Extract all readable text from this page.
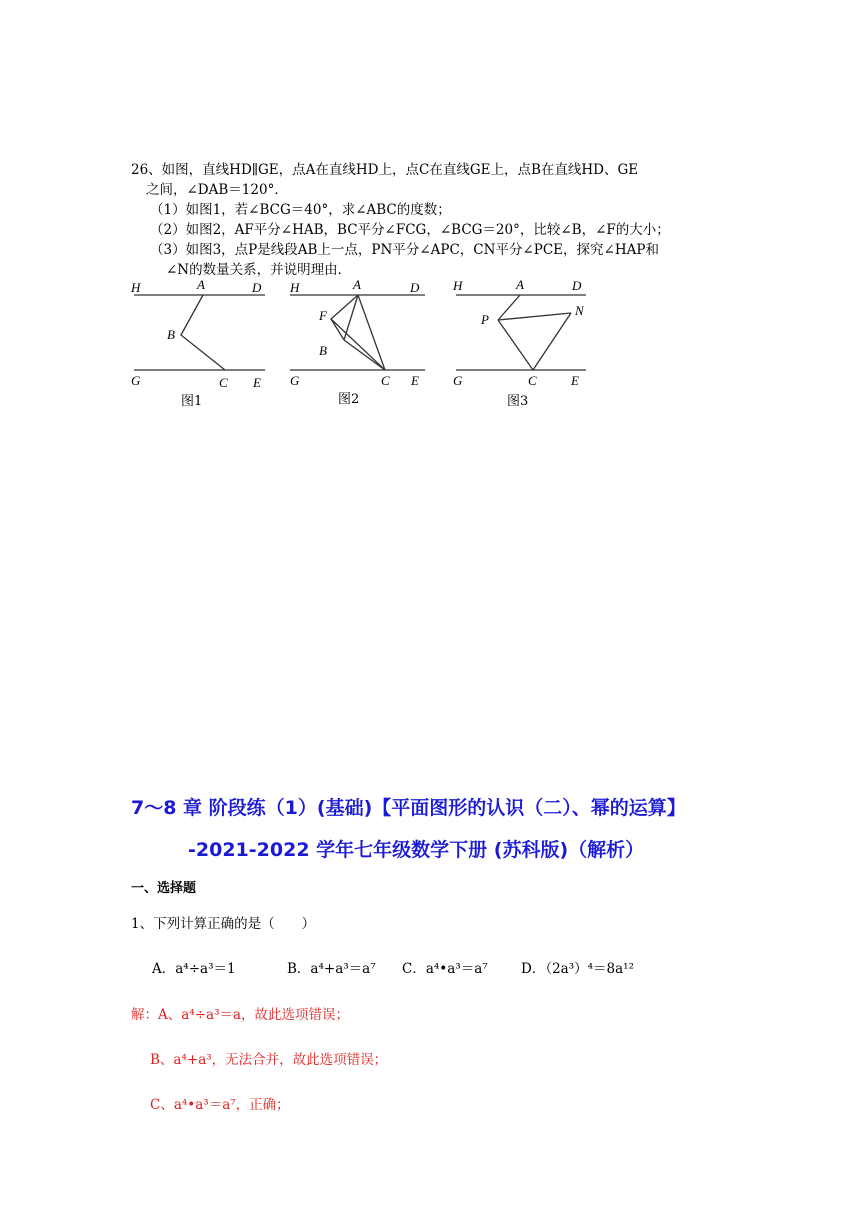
26、如图，直线HD∥GE，点A在直线HD上，点C在直线GE上，点B在直线HD、GE
之间，∠DAB＝120°．
（1）如图1，若∠BCG＝40°，求∠ABC的度数；
（2）如图2，AF平分∠HAB，BC平分∠FCG，∠BCG＝20°，比较∠B，∠F的大小；
（3）如图3，点P是线段AB上一点，PN平分∠APC，CN平分∠PCE，探究∠HAP和
∠N的数量关系，并说明理由．
H	A	D
B
G	C E
图1
H	A	D
F
B
G	C E
图2
H	A	D
P
N
G	C	E
图3
7～8 章 阶段练（1）(基础)【平面图形的认识（二）、幂的运算】
-2021-2022 学年七年级数学下册 (苏科版)（解析）
一、选择题
1、下列计算正确的是（　　）
A．a⁴÷a³＝1	B．a⁴+a³＝a⁷ C．a⁴•a³＝a⁷ D．（2a³）⁴＝8a¹²
解：A、a⁴÷a³＝a，故此选项错误；
B、a⁴+a³，无法合并，故此选项错误；
C、a⁴•a³＝a⁷，正确；
